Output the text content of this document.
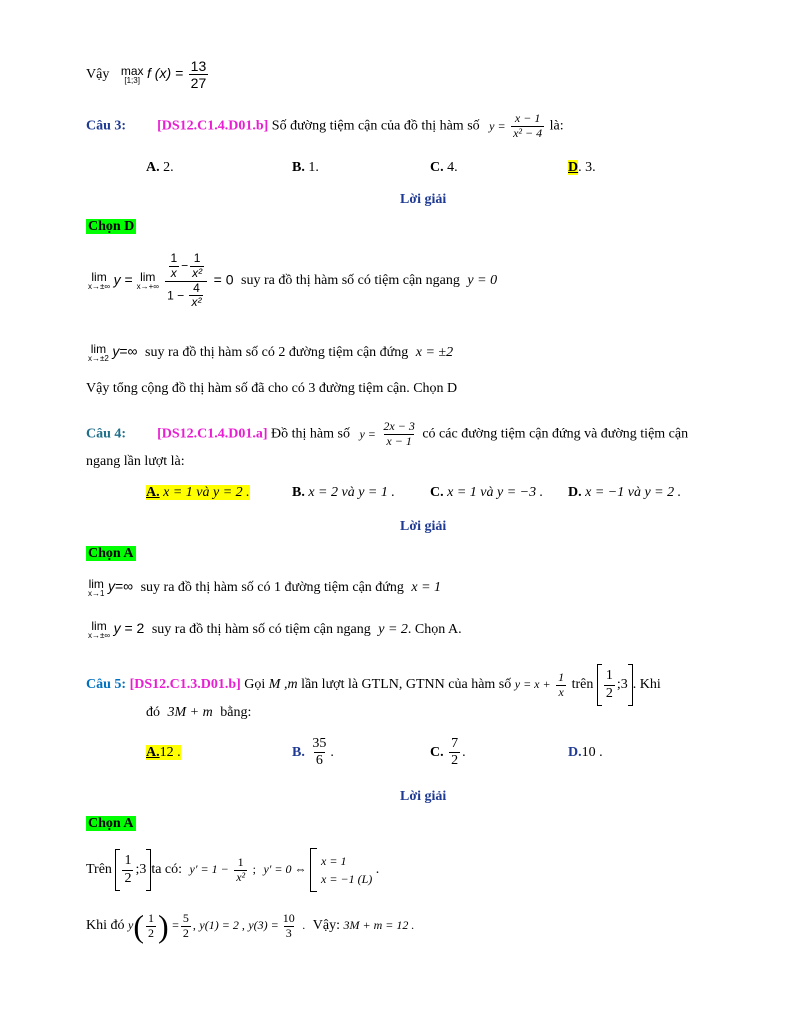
Vậy max
[1;3] f $(x) = \frac{13}{27}$
Câu 3: [DS12.C1.4.D01.b] Số đường tiệm cận của đồ thị hàm số $y = \frac{x - 1}{\text{x² − 4}}$ là:
A. 2.	B. 1.	C. 4.	D. 3.
Lời giải
Chọn D
lim
x→±∞ y = lim
x→+∞
$\frac{\frac{1}{x} - \frac{1}{\text{x²}}}{1 - \frac{4}{\text{x²}}} = 0$ suy ra đồ thị hàm số có tiệm cận ngang y = 0
lim
x→±2 y=∞ suy ra đồ thị hàm số có 2 đường tiệm cận đứng x = ±2
Vậy tổng cộng đồ thị hàm số đã cho có 3 đường tiệm cận. Chọn D
Câu 4: [DS12.C1.4.D01.a] Đồ thị hàm số $y = \frac{2x - 3}{x - 1}$ có các đường tiệm cận đứng và đường tiệm cận
ngang lần lượt là:
A. x = 1 và y = 2 .	B. x = 2 và y = 1 .	C. x = 1 và y = −3 . D. x = −1 và y = 2 .
Lời giải
Chọn A
lim
x→1 y=∞ suy ra đồ thị hàm số có 1 đường tiệm cận đứng x = 1
lim
x→±∞ y = 2 suy ra đồ thị hàm số có tiệm cận ngang y = 2. Chọn A.
Câu 5: [DS12.C1.3.D01.b] Gọi M ,m lần lượt là GTLN, GTNN của hàm số $y = x + \frac{1}{x}$ trên $\frac{1}{2}$ ;3
. Khi
đó 3M + m bằng:
A.12 .	B. $\frac{35}{6}$ .	C. $\frac{7}{2}$ .	D.10 .
Lời giải
Chọn A
Trên $\frac{1}{2}$ ;3
ta có: $y' = 1 - \frac{1}{\text{x²}}$ ; y′ = 0 ⇔
x = 1
x = −1 (L)
.
Khi đó y ( $\frac{1}{2}$ ) = $\frac{5}{2}$ , y(1) = 2 , $y(3) = \frac{10}{3}$ . Vậy: 3M + m = 12 .
